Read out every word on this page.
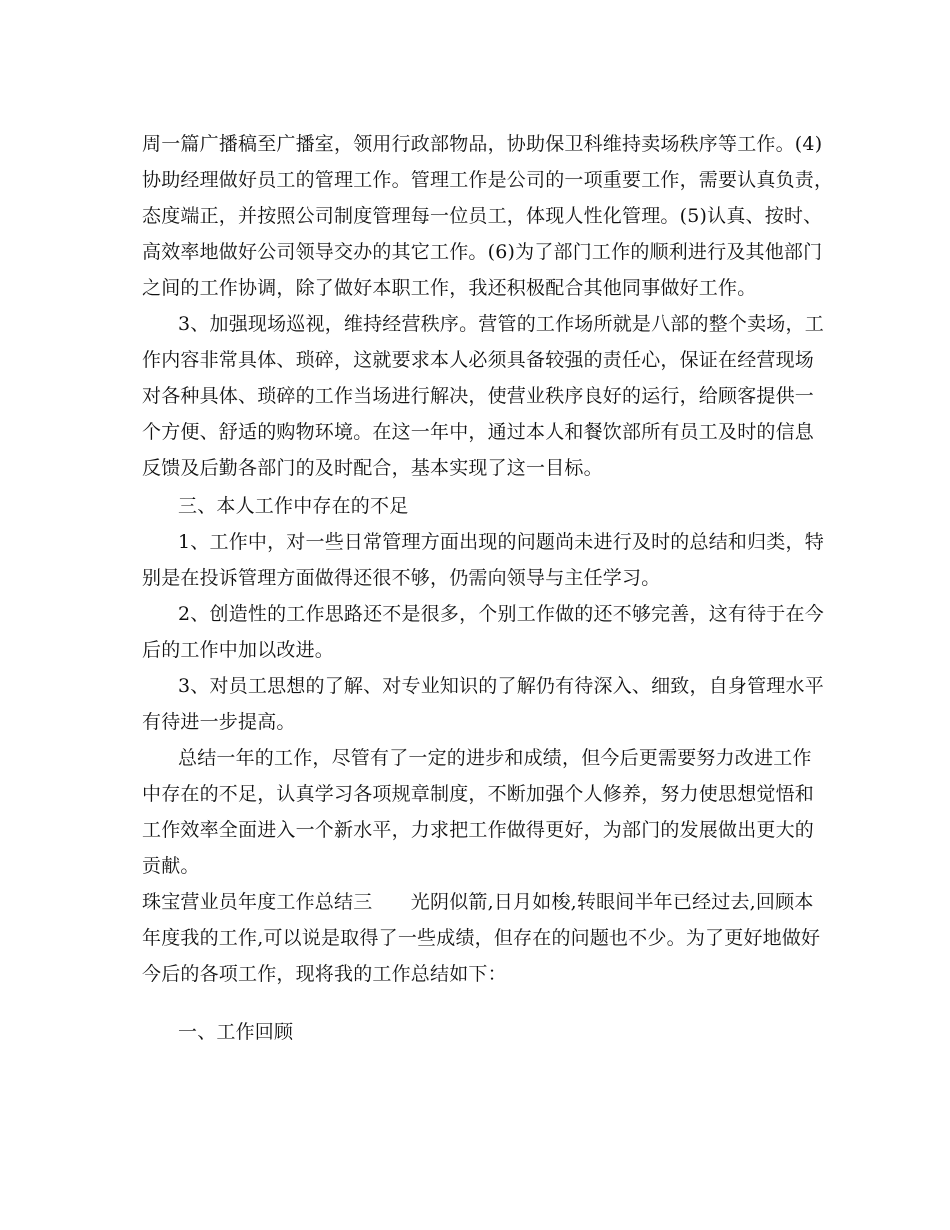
周一篇广播稿至广播室，领用行政部物品，协助保卫科维持卖场秩序等工作。(4)
协助经理做好员工的管理工作。管理工作是公司的一项重要工作，需要认真负责，
态度端正，并按照公司制度管理每一位员工，体现人性化管理。(5)认真、按时、
高效率地做好公司领导交办的其它工作。(6)为了部门工作的顺利进行及其他部门
之间的工作协调，除了做好本职工作，我还积极配合其他同事做好工作。
3、加强现场巡视，维持经营秩序。营管的工作场所就是八部的整个卖场，工
作内容非常具体、琐碎，这就要求本人必须具备较强的责任心，保证在经营现场
对各种具体、琐碎的工作当场进行解决，使营业秩序良好的运行，给顾客提供一
个方便、舒适的购物环境。在这一年中，通过本人和餐饮部所有员工及时的信息
反馈及后勤各部门的及时配合，基本实现了这一目标。
三、本人工作中存在的不足
1、工作中，对一些日常管理方面出现的问题尚未进行及时的总结和归类，特
别是在投诉管理方面做得还很不够，仍需向领导与主任学习。
2、创造性的工作思路还不是很多，个别工作做的还不够完善，这有待于在今
后的工作中加以改进。
3、对员工思想的了解、对专业知识的了解仍有待深入、细致，自身管理水平
有待进一步提高。
总结一年的工作，尽管有了一定的进步和成绩，但今后更需要努力改进工作
中存在的不足，认真学习各项规章制度，不断加强个人修养，努力使思想觉悟和
工作效率全面进入一个新水平，力求把工作做得更好，为部门的发展做出更大的
贡献。
珠宝营业员年度工作总结三　　光阴似箭,日月如梭,转眼间半年已经过去,回顾本
年度我的工作,可以说是取得了一些成绩，但存在的问题也不少。为了更好地做好
今后的各项工作，现将我的工作总结如下：
一、工作回顾
